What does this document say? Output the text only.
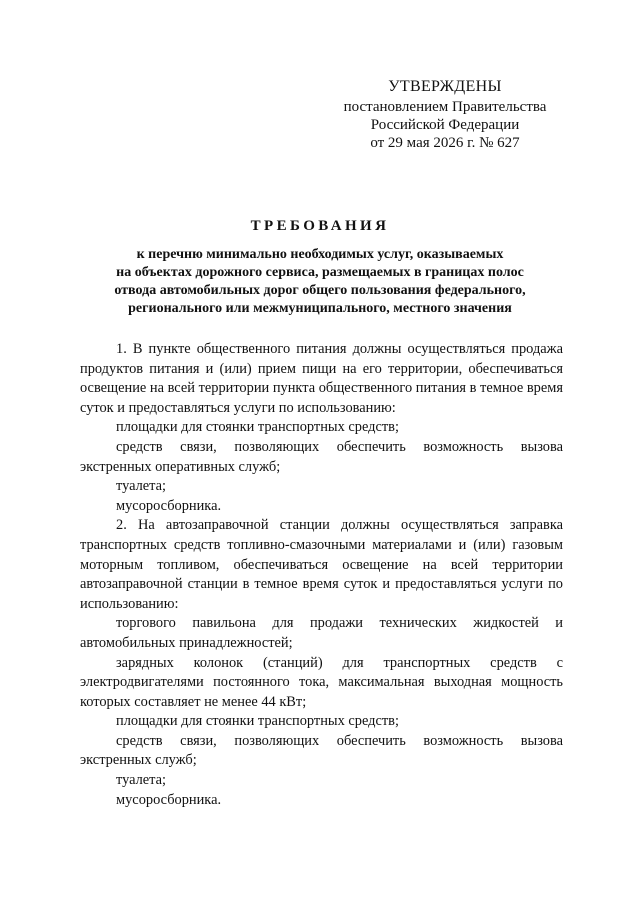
УТВЕРЖДЕНЫ
постановлением Правительства
Российской Федерации
от 29 мая 2026 г. № 627
ТРЕБОВАНИЯ
к перечню минимально необходимых услуг, оказываемых
на объектах дорожного сервиса, размещаемых в границах полос
отвода автомобильных дорог общего пользования федерального,
регионального или межмуниципального, местного значения

1. В пункте общественного питания должны осуществляться продажа продуктов питания и (или) прием пищи на его территории, обеспечиваться освещение на всей территории пункта общественного питания в темное время суток и предоставляться услуги по использованию:

площадки для стоянки транспортных средств;

средств связи, позволяющих обеспечить возможность вызова экстренных оперативных служб;

туалета;

мусоросборника.

2. На автозаправочной станции должны осуществляться заправка транспортных средств топливно-смазочными материалами и (или) газовым моторным топливом, обеспечиваться освещение на всей территории автозаправочной станции в темное время суток и предоставляться услуги по использованию:

торгового павильона для продажи технических жидкостей и автомобильных принадлежностей;

зарядных колонок (станций) для транспортных средств с электродвигателями постоянного тока, максимальная выходная мощность которых составляет не менее 44 кВт;

площадки для стоянки транспортных средств;

средств связи, позволяющих обеспечить возможность вызова экстренных служб;

туалета;

мусоросборника.
